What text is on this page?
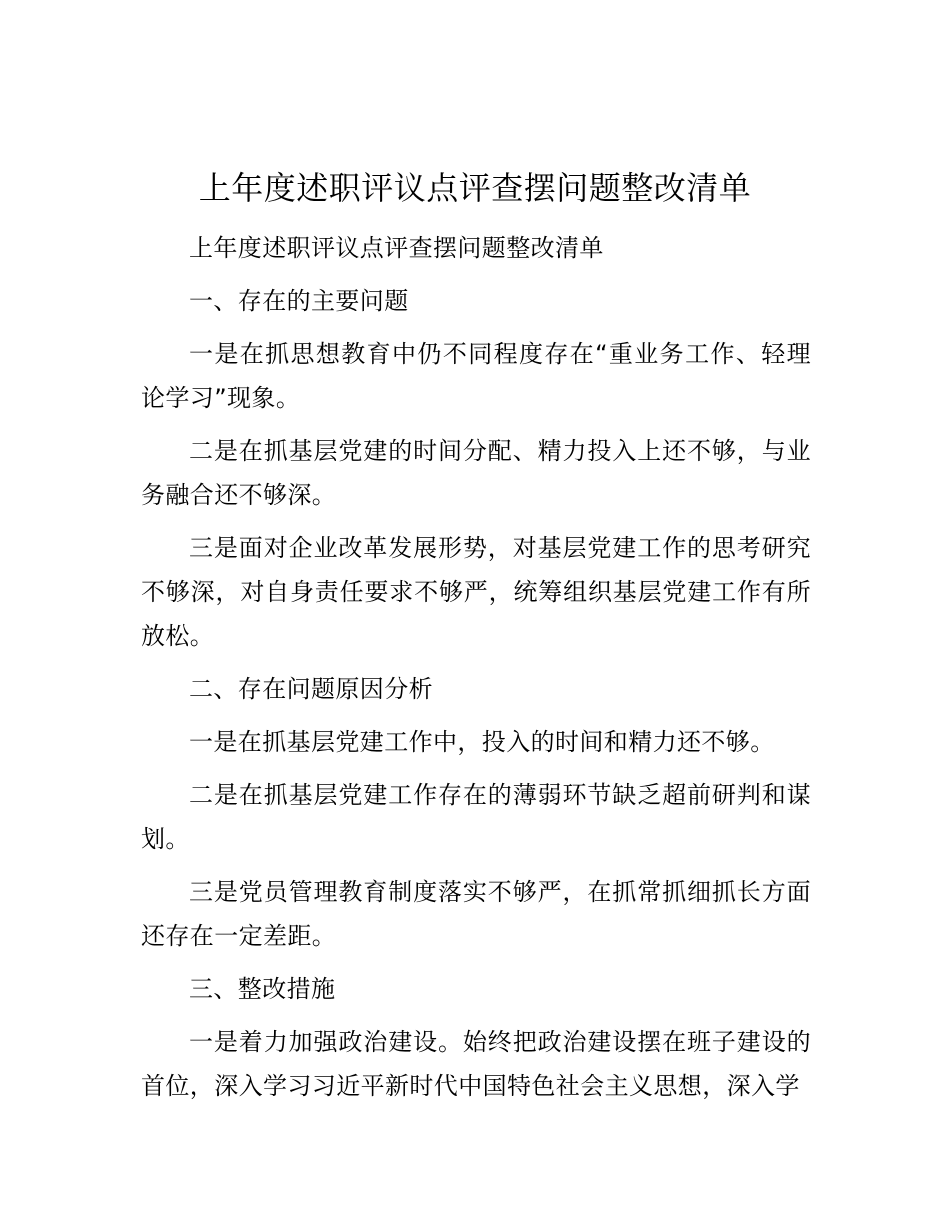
上年度述职评议点评查摆问题整改清单

上年度述职评议点评查摆问题整改清单

一、存在的主要问题

一是在抓思想教育中仍不同程度存在“重业务工作、轻理论学习”现象。

二是在抓基层党建的时间分配、精力投入上还不够，与业务融合还不够深。

三是面对企业改革发展形势，对基层党建工作的思考研究不够深，对自身责任要求不够严，统筹组织基层党建工作有所放松。

二、存在问题原因分析

一是在抓基层党建工作中，投入的时间和精力还不够。

二是在抓基层党建工作存在的薄弱环节缺乏超前研判和谋划。

三是党员管理教育制度落实不够严，在抓常抓细抓长方面还存在一定差距。

三、整改措施

一是着力加强政治建设。始终把政治建设摆在班子建设的首位，深入学习习近平新时代中国特色社会主义思想，深入学
